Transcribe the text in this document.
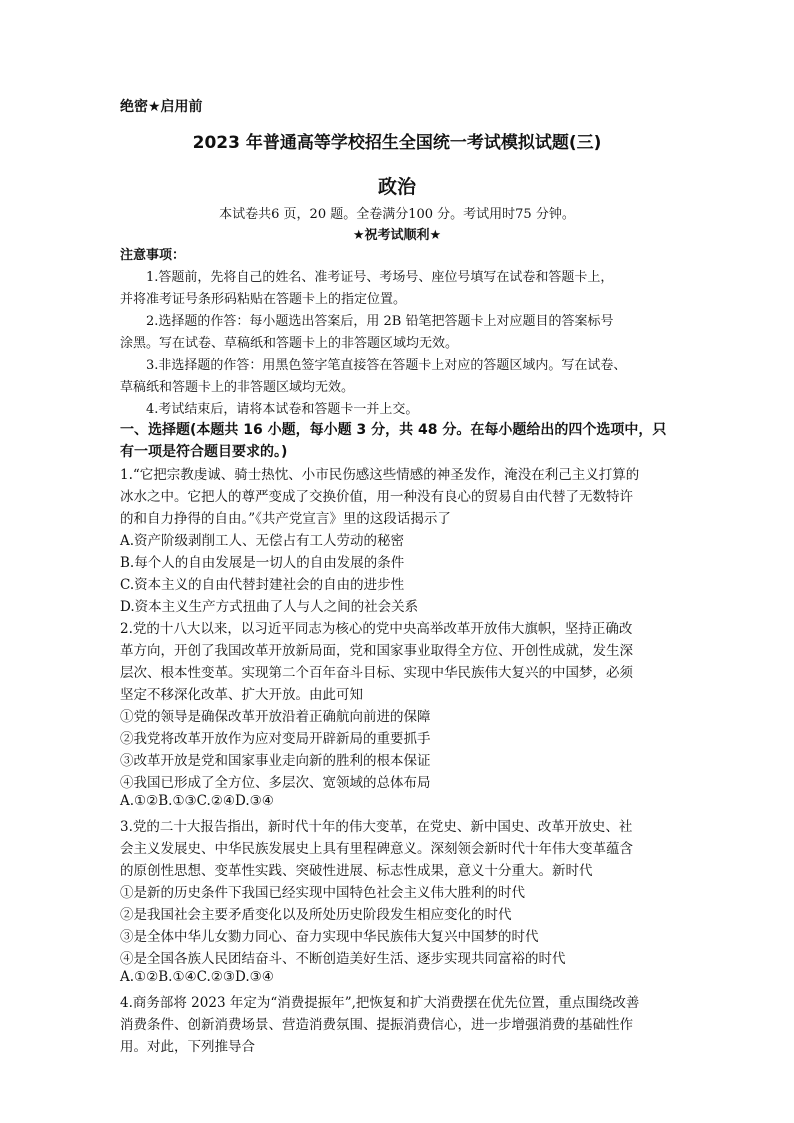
绝密★启用前
2023 年普通高等学校招生全国统一考试模拟试题(三)
政治
本试卷共6 页，20 题。全卷满分100 分。考试用时75 分钟。
★祝考试顺利★
注意事项：
1.答题前，先将自己的姓名、准考证号、考场号、座位号填写在试卷和答题卡上，
并将准考证号条形码粘贴在答题卡上的指定位置。
2.选择题的作答：每小题选出答案后，用 2B 铅笔把答题卡上对应题目的答案标号
涂黑。写在试卷、草稿纸和答题卡上的非答题区域均无效。
3.非选择题的作答：用黑色签字笔直接答在答题卡上对应的答题区域内。写在试卷、
草稿纸和答题卡上的非答题区域均无效。
4.考试结束后，请将本试卷和答题卡一并上交。
一、选择题(本题共 16 小题，每小题 3 分，共 48 分。在每小题给出的四个选项中，只
有一项是符合题目要求的。)
1.“它把宗教虔诚、骑士热忱、小市民伤感这些情感的神圣发作，淹没在利己主义打算的
冰水之中。它把人的尊严变成了交换价值，用一种没有良心的贸易自由代替了无数特许
的和自力挣得的自由。”《共产党宣言》里的这段话揭示了
A.资产阶级剥削工人、无偿占有工人劳动的秘密
B.每个人的自由发展是一切人的自由发展的条件
C.资本主义的自由代替封建社会的自由的进步性
D.资本主义生产方式扭曲了人与人之间的社会关系
2.党的十八大以来，以习近平同志为核心的党中央高举改革开放伟大旗帜，坚持正确改
革方向，开创了我国改革开放新局面，党和国家事业取得全方位、开创性成就，发生深
层次、根本性变革。实现第二个百年奋斗目标、实现中华民族伟大复兴的中国梦，必须
坚定不移深化改革、扩大开放。由此可知
①党的领导是确保改革开放沿着正确航向前进的保障
②我党将改革开放作为应对变局开辟新局的重要抓手
③改革开放是党和国家事业走向新的胜利的根本保证
④我国已形成了全方位、多层次、宽领域的总体布局
A.①②B.①③C.②④D.③④
3.党的二十大报告指出，新时代十年的伟大变革，在党史、新中国史、改革开放史、社
会主义发展史、中华民族发展史上具有里程碑意义。深刻领会新时代十年伟大变革蕴含
的原创性思想、变革性实践、突破性进展、标志性成果，意义十分重大。新时代
①是新的历史条件下我国已经实现中国特色社会主义伟大胜利的时代
②是我国社会主要矛盾变化以及所处历史阶段发生相应变化的时代
③是全体中华儿女勠力同心、奋力实现中华民族伟大复兴中国梦的时代
④是全国各族人民团结奋斗、不断创造美好生活、逐步实现共同富裕的时代
A.①②B.①④C.②③D.③④
4.商务部将 2023 年定为“消费提振年”,把恢复和扩大消费摆在优先位置，重点围绕改善
消费条件、创新消费场景、营造消费氛围、提振消费信心，进一步增强消费的基础性作
用。对此，下列推导合
